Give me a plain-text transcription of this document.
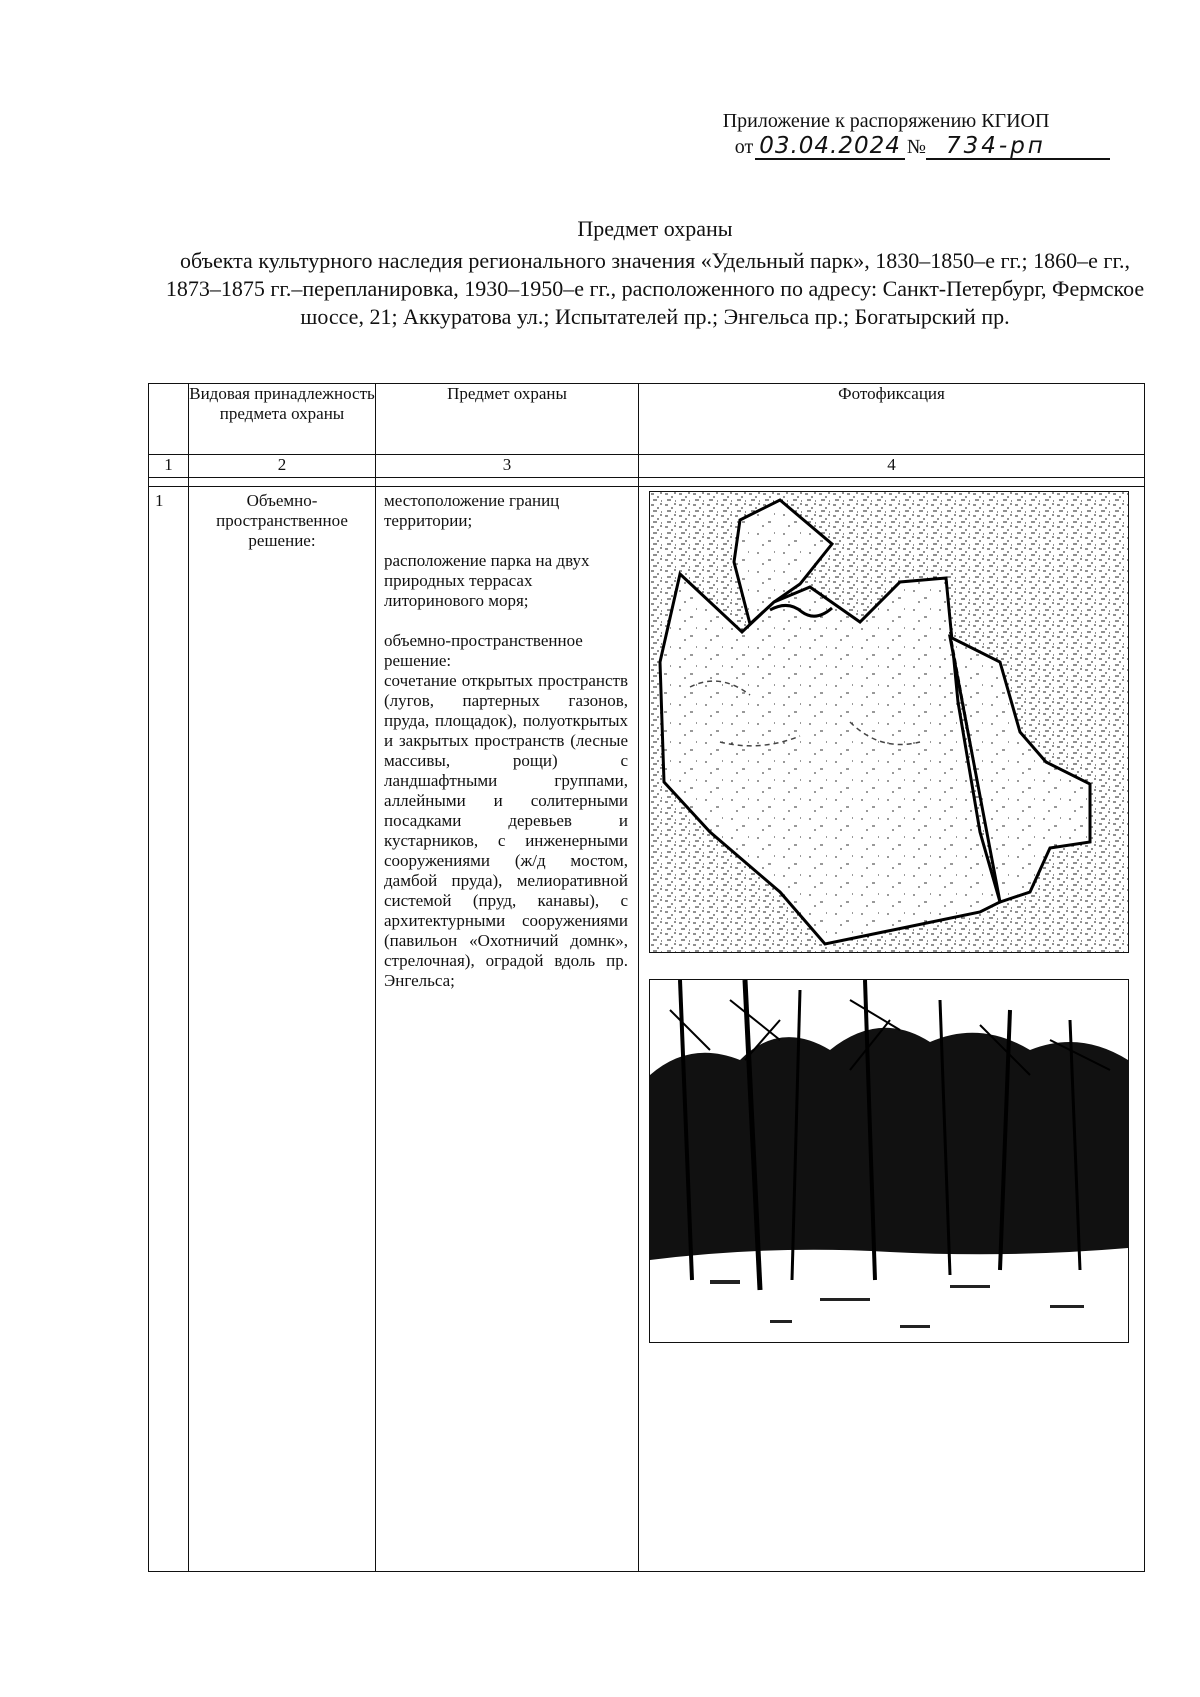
Приложение к распоряжению КГИОП
от 03.04.2024 № 734-рп
Предмет охраны
объекта культурного наследия регионального значения «Удельный парк», 1830–1850–е гг.; 1860–е гг., 1873–1875 гг.–перепланировка, 1930–1950–е гг., расположенного по адресу: Санкт-Петербург, Фермское шоссе, 21; Аккуратова ул.; Испытателей пр.; Энгельса пр.; Богатырский пр.
	Видовая принадлежность предмета охраны	Предмет охраны	Фотофиксация
1	2	3	4

1	Объемно-пространственное решение:	местоположение границ территории;

расположение парка на двух природных террасах литоринового моря;

объемно-пространственное решение:

сочетание открытых пространств (лугов, партерных газонов, пруда, площадок), полуоткрытых и закрытых пространств (лесные массивы, рощи) с ландшафтными группами, аллейными и солитерными посадками деревьев и кустарников, с инженерными сооружениями (ж/д мостом, дамбой пруда), мелиоративной системой (пруд, канавы), с архитектурными сооружениями (павильон «Охотничий домнк», стрелочная), оградой вдоль пр. Энгельса;
